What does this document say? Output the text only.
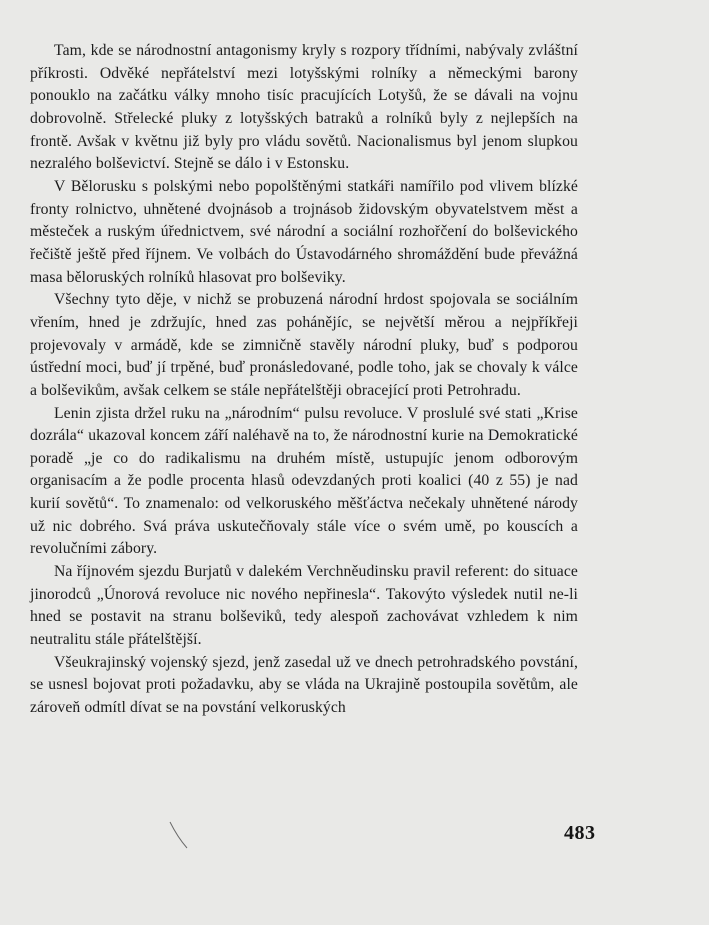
Tam, kde se národnostní antagonismy kryly s rozpory třídními, nabývaly zvláštní příkrosti. Odvěké nepřátelství mezi lotyšskými rolníky a německými barony ponouklo na začátku války mnoho tisíc pracujících Lotyšů, že se dávali na vojnu dobrovolně. Střelecké pluky z lotyšských batraků a rolníků byly z nejlepších na frontě. Avšak v květnu již byly pro vládu sovětů. Nacionalismus byl jenom slupkou nezralého bolševictví. Stejně se dálo i v Estonsku.

V Bělorusku s polskými nebo popolštěnými statkáři namířilo pod vlivem blízké fronty rolnictvo, uhnětené dvojnásob a trojnásob židovským obyvatelstvem měst a městeček a ruským úřednictvem, své národní a sociální rozhořčení do bolševického řečiště ještě před říjnem. Ve volbách do Ústavodárného shromáždění bude převážná masa běloruských rolníků hlasovat pro bolševiky.

Všechny tyto děje, v nichž se probuzená národní hrdost spojovala se sociálním vřením, hned je zdržujíc, hned zas pohánějíc, se největší měrou a nejpříkřeji projevovaly v armádě, kde se zimničně stavěly národní pluky, buď s podporou ústřední moci, buď jí trpěné, buď pronásledované, podle toho, jak se chovaly k válce a bolševikům, avšak celkem se stále nepřátelštěji obracející proti Petrohradu.

Lenin zjista držel ruku na „národním“ pulsu revoluce. V proslulé své stati „Krise dozrála“ ukazoval koncem září naléhavě na to, že národnostní kurie na Demokratické poradě „je co do radikalismu na druhém místě, ustupujíc jenom odborovým organisacím a že podle procenta hlasů odevzdaných proti koalici (40 z 55) je nad kurií sovětů“. To znamenalo: od velkoruského měšťáctva nečekaly uhnětené národy už nic dobrého. Svá práva uskutečňovaly stále více o svém umě, po kouscích a revolučními zábory.

Na říjnovém sjezdu Burjatů v dalekém Verchněudinsku pravil referent: do situace jinorodců „Únorová revoluce nic nového nepřinesla“. Takovýto výsledek nutil ne-li hned se postavit na stranu bolševiků, tedy alespoň zachovávat vzhledem k nim neutralitu stále přátelštější.

Všeukrajinský vojenský sjezd, jenž zasedal už ve dnech petrohradského povstání, se usnesl bojovat proti požadavku, aby se vláda na Ukrajině postoupila sovětům, ale zároveň odmítl dívat se na povstání velkoruských

483
